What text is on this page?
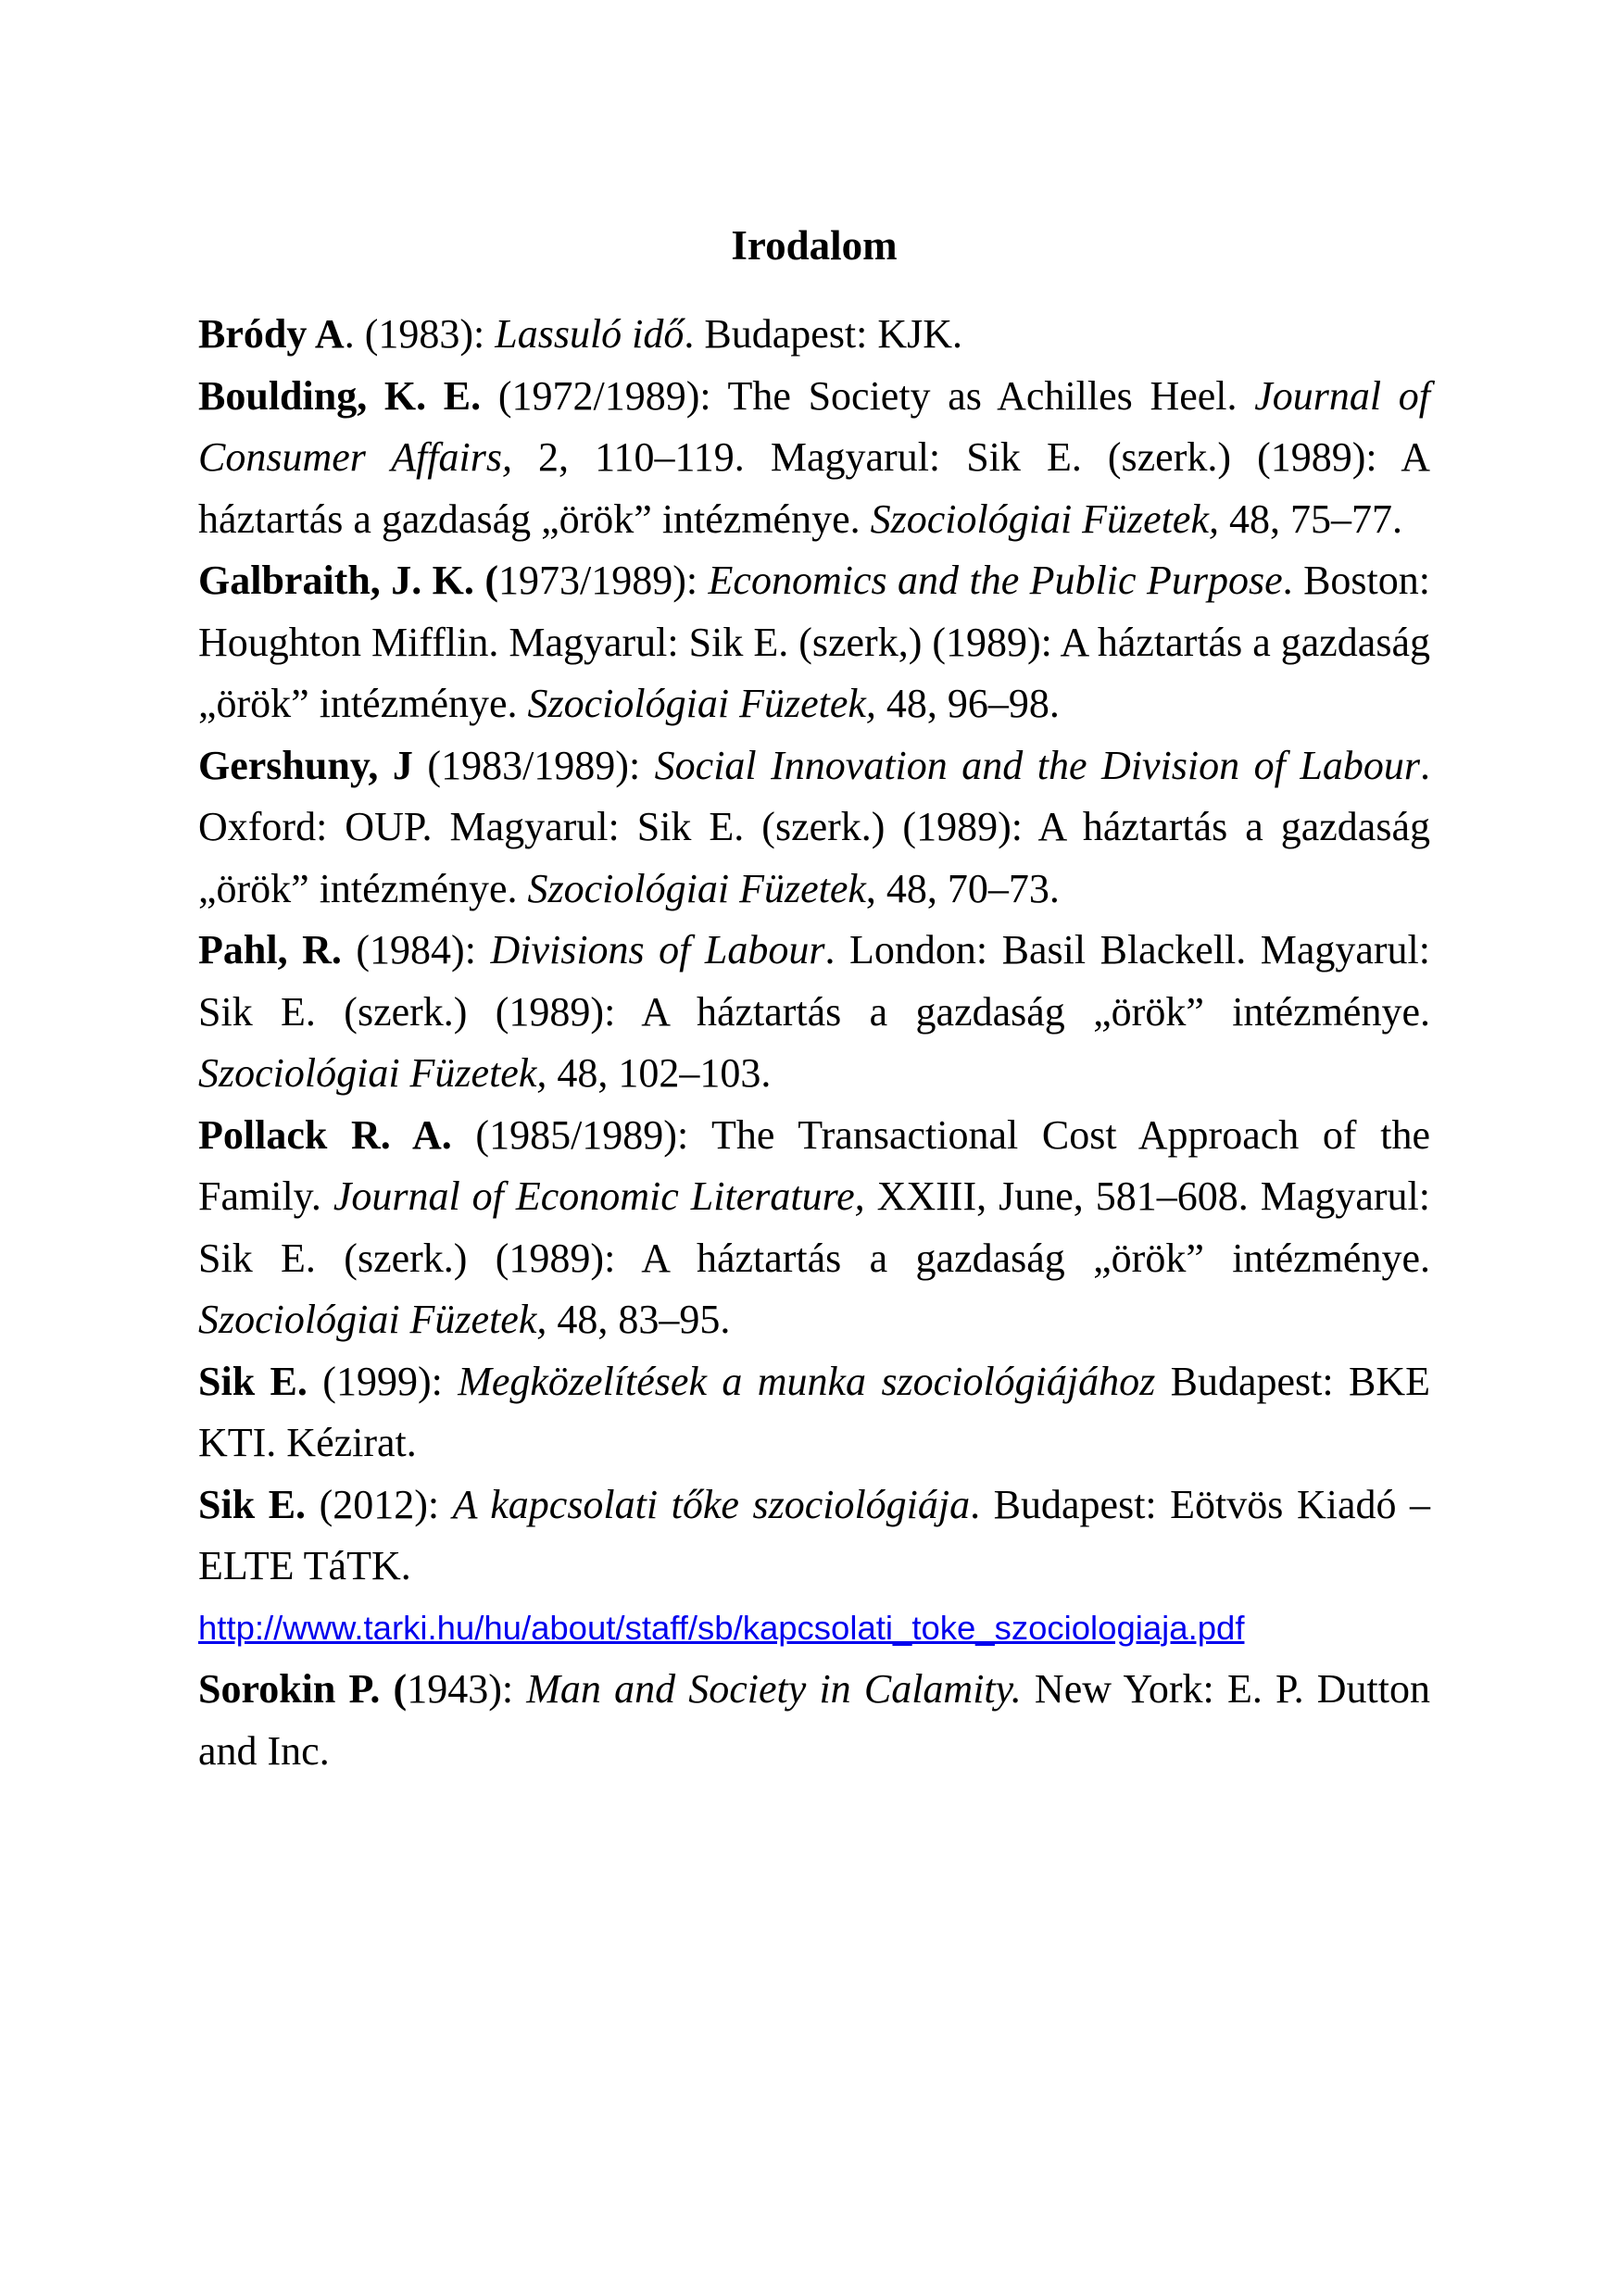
Irodalom

Bródy A. (1983): Lassuló idő. Budapest: KJK.

Boulding, K. E. (1972/1989): The Society as Achilles Heel. Journal of Consumer Affairs, 2, 110–119. Magyarul: Sik E. (szerk.) (1989): A háztartás a gazdaság „örök” intézménye. Szociológiai Füzetek, 48, 75–77.

Galbraith, J. K. (1973/1989): Economics and the Public Purpose. Boston: Houghton Mifflin. Magyarul: Sik E. (szerk,) (1989): A háztartás a gazdaság „örök” intézménye. Szociológiai Füzetek, 48, 96–98.

Gershuny, J (1983/1989): Social Innovation and the Division of Labour. Oxford: OUP. Magyarul: Sik E. (szerk.) (1989): A háztartás a gazdaság „örök” intézménye. Szociológiai Füzetek, 48, 70–73.

Pahl, R. (1984): Divisions of Labour. London: Basil Blackell. Magyarul: Sik E. (szerk.) (1989): A háztartás a gazdaság „örök” intézménye. Szociológiai Füzetek, 48, 102–103.

Pollack R. A. (1985/1989): The Transactional Cost Approach of the Family. Journal of Economic Literature, XXIII, June, 581–608. Magyarul: Sik E. (szerk.) (1989): A háztartás a gazdaság „örök” intézménye. Szociológiai Füzetek, 48, 83–95.

Sik E. (1999): Megközelítések a munka szociológiájához Budapest: BKE KTI. Kézirat.

Sik E. (2012): A kapcsolati tőke szociológiája. Budapest: Eötvös Kiadó – ELTE TáTK.
http://www.tarki.hu/hu/about/staff/sb/kapcsolati_toke_szociologiaja.pdf

Sorokin P. (1943): Man and Society in Calamity. New York: E. P. Dutton and Inc.
